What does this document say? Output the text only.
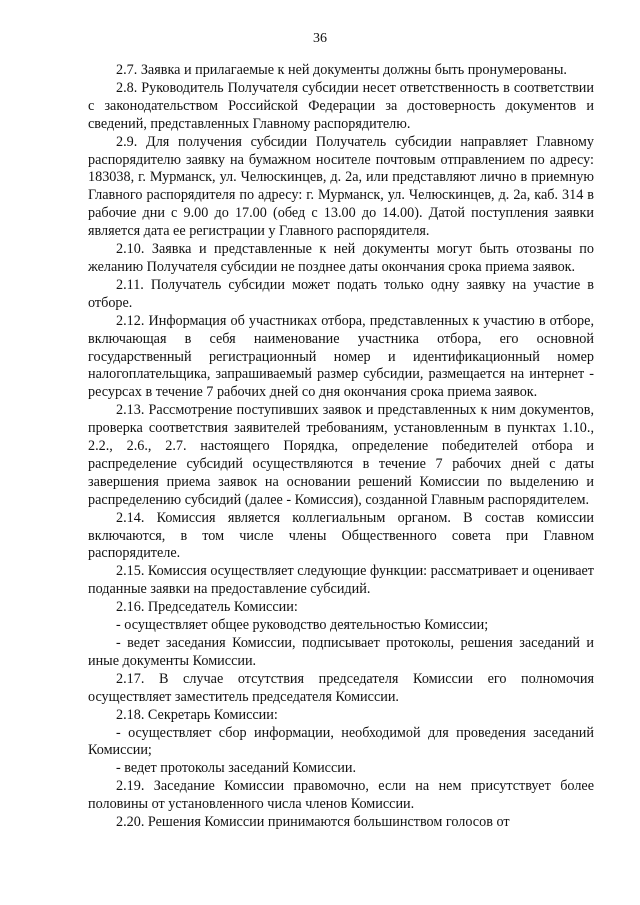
36

2.7. Заявка и прилагаемые к ней документы должны быть пронумерованы.

2.8. Руководитель Получателя субсидии несет ответственность в соответствии с законодательством Российской Федерации за достоверность документов и сведений, представленных Главному распорядителю.

2.9. Для получения субсидии Получатель субсидии направляет Главному распорядителю заявку на бумажном носителе почтовым отправлением по адресу: 183038, г. Мурманск, ул. Челюскинцев, д. 2а, или представляют лично в приемную Главного распорядителя по адресу: г. Мурманск, ул. Челюскинцев, д. 2а, каб. 314 в рабочие дни с 9.00 до 17.00 (обед с 13.00 до 14.00). Датой поступления заявки является дата ее регистрации у Главного распорядителя.

2.10. Заявка и представленные к ней документы могут быть отозваны по желанию Получателя субсидии не позднее даты окончания срока приема заявок.

2.11. Получатель субсидии может подать только одну заявку на участие в отборе.

2.12. Информация об участниках отбора, представленных к участию в отборе, включающая в себя наименование участника отбора, его основной государственный регистрационный номер и идентификационный номер налогоплательщика, запрашиваемый размер субсидии, размещается на интернет - ресурсах в течение 7 рабочих дней со дня окончания срока приема заявок.

2.13. Рассмотрение поступивших заявок и представленных к ним документов, проверка соответствия заявителей требованиям, установленным в пунктах 1.10., 2.2., 2.6., 2.7. настоящего Порядка, определение победителей отбора и распределение субсидий осуществляются в течение 7 рабочих дней с даты завершения приема заявок на основании решений Комиссии по выделению и распределению субсидий (далее - Комиссия), созданной Главным распорядителем.

2.14. Комиссия является коллегиальным органом. В состав комиссии включаются, в том числе члены Общественного совета при Главном распорядителе.

2.15. Комиссия осуществляет следующие функции: рассматривает и оценивает поданные заявки на предоставление субсидий.

2.16. Председатель Комиссии:

- осуществляет общее руководство деятельностью Комиссии;

- ведет заседания Комиссии, подписывает протоколы, решения заседаний и иные документы Комиссии.

2.17. В случае отсутствия председателя Комиссии его полномочия осуществляет заместитель председателя Комиссии.

2.18. Секретарь Комиссии:

- осуществляет сбор информации, необходимой для проведения заседаний Комиссии;

- ведет протоколы заседаний Комиссии.

2.19. Заседание Комиссии правомочно, если на нем присутствует более половины от установленного числа членов Комиссии.

2.20. Решения Комиссии принимаются большинством голосов от
